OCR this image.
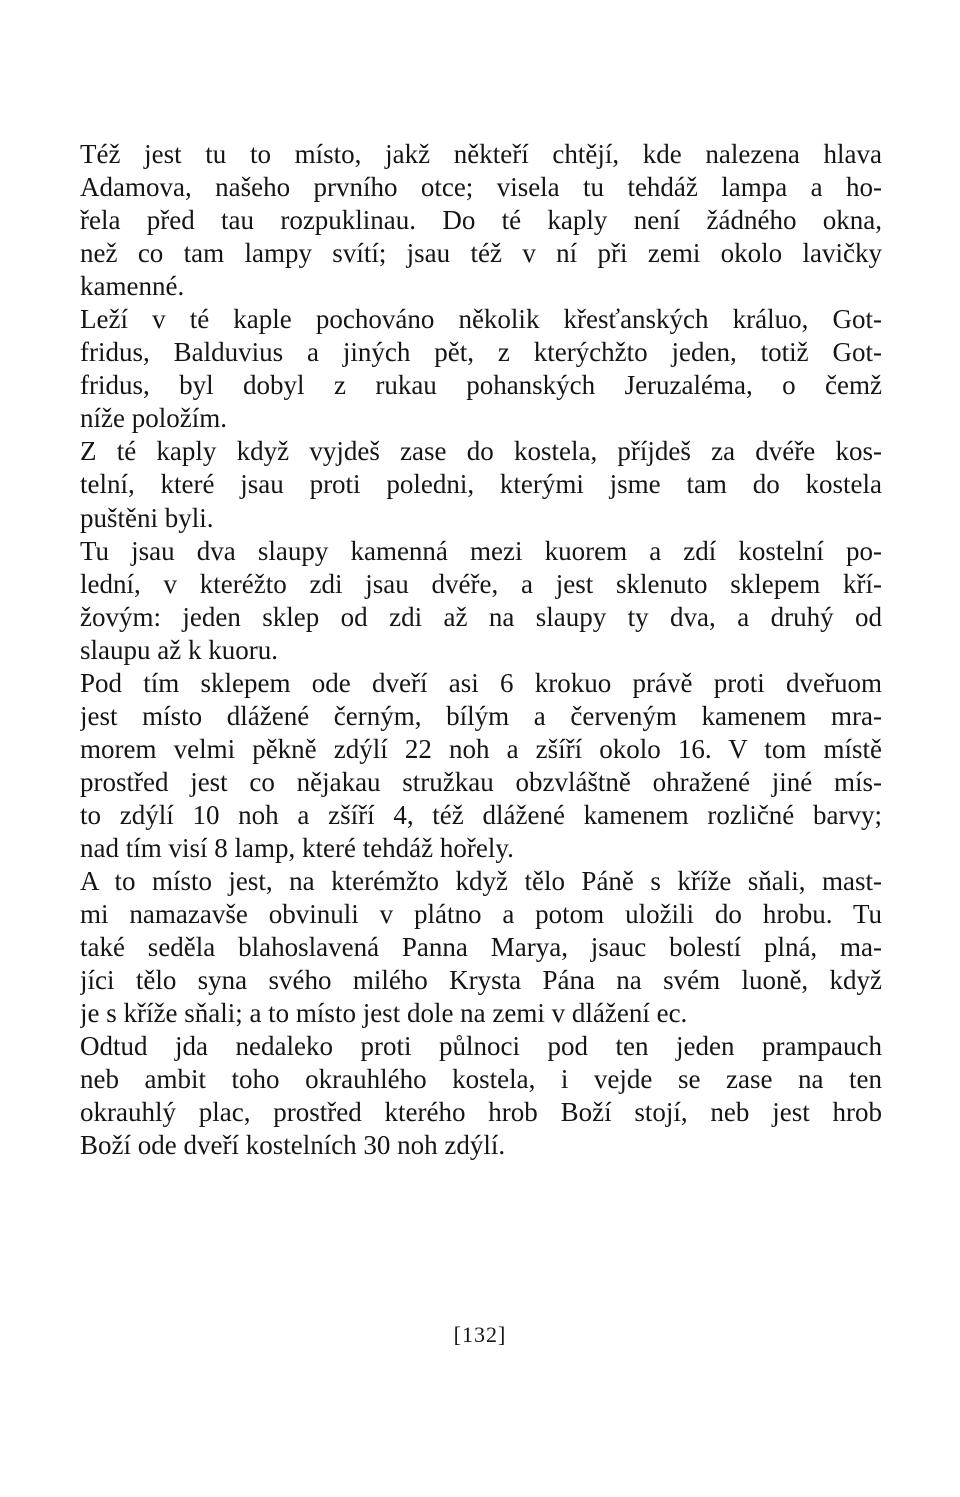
Též jest tu to místo, jakž někteří chtějí, kde nalezena hlava
Adamova, našeho prvního otce; visela tu tehdáž lampa a ho-
řela před tau rozpuklinau. Do té kaply není žádného okna,
než co tam lampy svítí; jsau též v ní při zemi okolo lavičky
kamenné.
Leží v té kaple pochováno několik křesťanských králuo, Got-
fridus, Balduvius a jiných pět, z kterýchžto jeden, totiž Got-
fridus, byl dobyl z rukau pohanských Jeruzaléma, o čemž
níže položím.
Z té kaply když vyjdeš zase do kostela, příjdeš za dvéře kos-
telní, které jsau proti poledni, kterými jsme tam do kostela
puštěni byli.
Tu jsau dva slaupy kamenná mezi kuorem a zdí kostelní po-
lední, v kteréžto zdi jsau dvéře, a jest sklenuto sklepem kří-
žovým: jeden sklep od zdi až na slaupy ty dva, a druhý od
slaupu až k kuoru.
Pod tím sklepem ode dveří asi 6 krokuo právě proti dveřuom
jest místo dlážené černým, bílým a červeným kamenem mra-
morem velmi pěkně zdýlí 22 noh a zšíří okolo 16. V tom místě
prostřed jest co nějakau stružkau obzvláštně ohražené jiné mís-
to zdýlí 10 noh a zšíří 4, též dlážené kamenem rozličné barvy;
nad tím visí 8 lamp, které tehdáž hořely.
A to místo jest, na kterémžto když tělo Páně s kříže sňali, mast-
mi namazavše obvinuli v plátno a potom uložili do hrobu. Tu
také seděla blahoslavená Panna Marya, jsauc bolestí plná, ma-
jíci tělo syna svého milého Krysta Pána na svém luoně, když
je s kříže sňali; a to místo jest dole na zemi v dlážení ec.
Odtud jda nedaleko proti půlnoci pod ten jeden prampauch
neb ambit toho okrauhlého kostela, i vejde se zase na ten
okrauhlý plac, prostřed kterého hrob Boží stojí, neb jest hrob
Boží ode dveří kostelních 30 noh zdýlí.
[132]
